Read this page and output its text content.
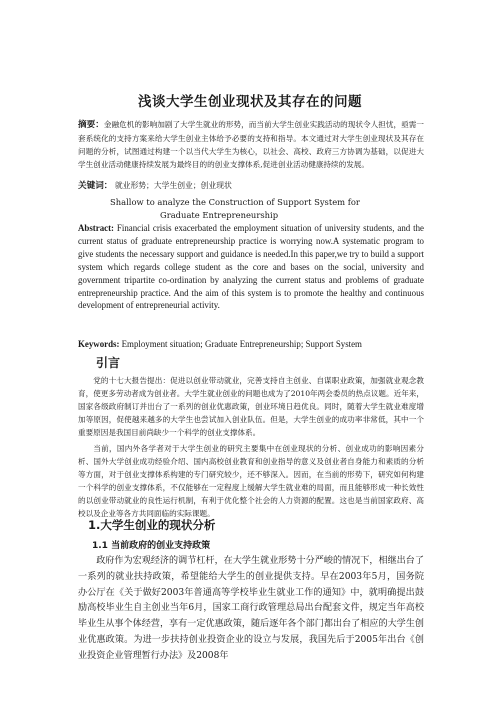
浅谈大学生创业现状及其存在的问题
摘要：金融危机的影响加剧了大学生就业的形势，而当前大学生创业实践活动的现状令人担忧，亟需一套系统化的支持方案来给大学生创业主体给予必要的支持和指导。本文通过对大学生创业现状及其存在问题的分析，试图通过构建一个以当代大学生为核心，以社会、高校、政府三方协调为基础，以促进大学生创业活动健康持续发展为最终目的的创业支撑体系,促进创业活动健康持续的发展。
关键词： 就业形势；大学生创业；创业现状
Shallow to analyze the Construction of Support System for
Graduate Entrepreneurship
Abstract: Financial crisis exacerbated the employment situation of university students, and the current status of graduate entrepreneurship practice is worrying now.A systematic program to give students the necessary support and guidance is needed.In this paper,we try to build a support system which regards college student as the core and bases on the social, university and government tripartite co-ordination by analyzing the current status and problems of graduate entrepreneurship practice. And the aim of this system is to promote the healthy and continuous development of entrepreneurial activity.
Keywords: Employment situation; Graduate Entrepreneurship; Support System
引言

党的十七大报告提出：促进以创业带动就业，完善支持自主创业、自谋职业政策，加强就业观念教育，使更多劳动者成为创业者。大学生就业创业的问题也成为了2010年两会委员的热点议题。近年来，国家各级政府制订并出台了一系列的创业优惠政策，创业环境日趋优良。同时，随着大学生就业难度增加等原因，促使越来越多的大学生也尝试加入创业队伍。但是，大学生创业的成功率非常低，其中一个重要原因是我国目前尚缺少一个科学的创业支撑体系。

当前，国内外各学者对于大学生创业的研究主要集中在创业现状的分析、创业成功的影响因素分析、国外大学创业成功经验介绍、国内高校创业教育和创业指导的意义及创业者自身能力和素质的分析等方面，对于创业支撑体系构建的专门研究较少，还不够深入。因而，在当前的形势下，研究如何构建一个科学的创业支撑体系，不仅能够在一定程度上缓解大学生就业难的局面，而且能够形成一种长效性的以创业带动就业的良性运行机制，有利于优化整个社会的人力资源的配置。这也是当前国家政府、高校以及企业等各方共同面临的实际课题。

1.大学生创业的现状分析
1.1 当前政府的创业支持政策

政府作为宏观经济的调节杠杆，在大学生就业形势十分严峻的情况下，相继出台了一系列的就业扶持政策，希望能给大学生的创业提供支持。早在2003年5月，国务院办公厅在《关于做好2003年普通高等学校毕业生就业工作的通知》中，就明确提出鼓励高校毕业生自主创业当年6月，国家工商行政管理总局出台配套文件，规定当年高校毕业生从事个体经营，享有一定优惠政策，随后逐年各个部门都出台了相应的大学生创业优惠政策。为进一步扶持创业投资企业的设立与发展，我国先后于2005年出台《创业投资企业管理暂行办法》及2008年
